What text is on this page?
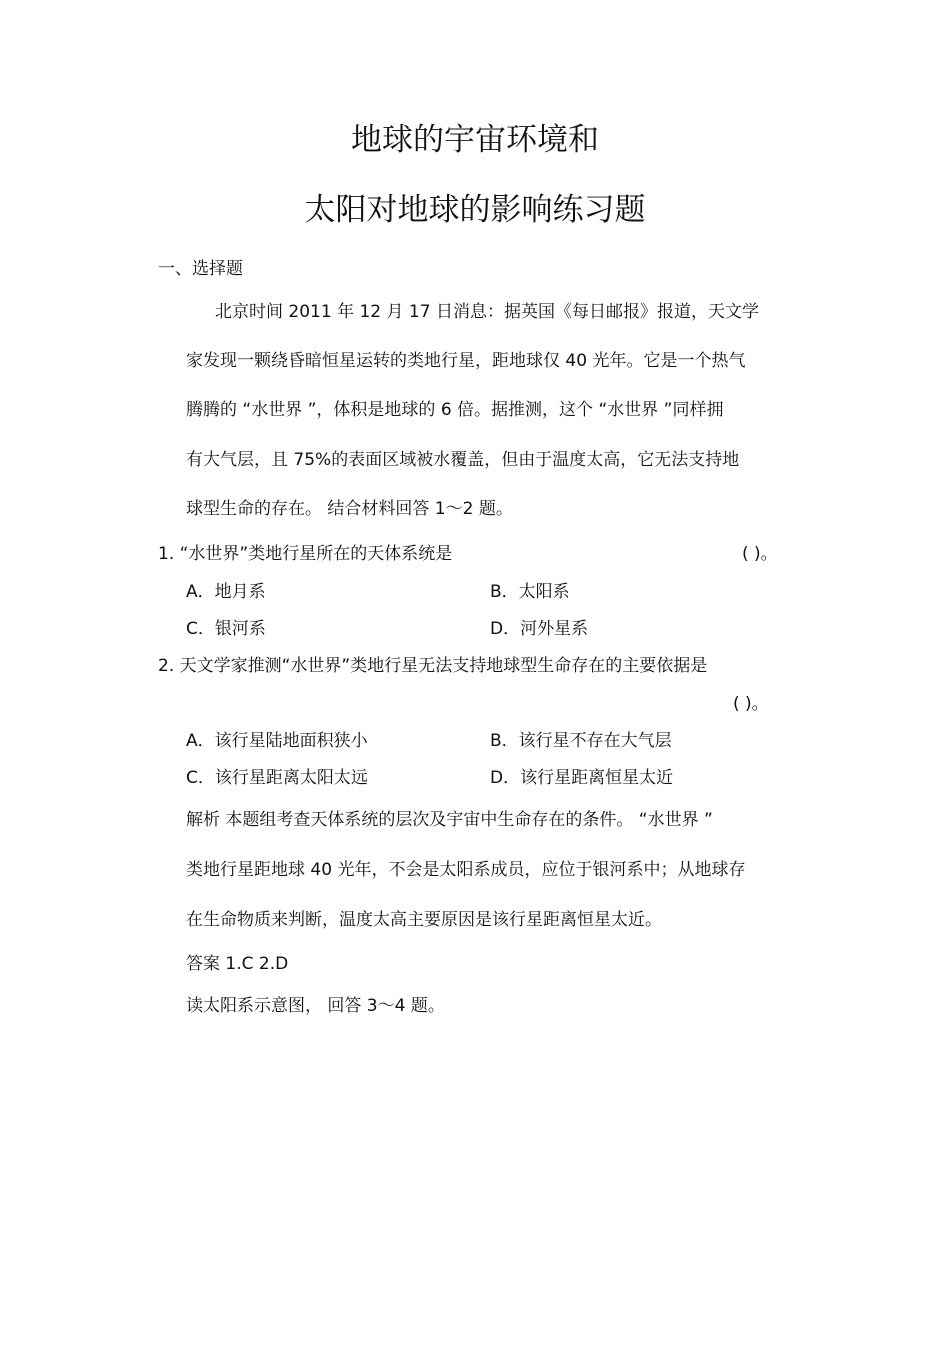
地球的宇宙环境和
太阳对地球的影响练习题
一、选择题
北京时间 2011 年 12 月 17 日消息：据英国《每日邮报》报道，天文学
家发现一颗绕昏暗恒星运转的类地行星，距地球仅 40 光年。它是一个热气
腾腾的 “水世界 ”，体积是地球的 6 倍。据推测，这个 “水世界 ”同样拥
有大气层，且 75%的表面区域被水覆盖，但由于温度太高，它无法支持地
球型生命的存在。 结合材料回答 1～2 题。
1. “水世界”类地行星所在的天体系统是	( )。
A．地月系	B．太阳系
C．银河系	D．河外星系
2. 天文学家推测“水世界”类地行星无法支持地球型生命存在的主要依据是
( )。
A．该行星陆地面积狭小	B．该行星不存在大气层
C．该行星距离太阳太远	D．该行星距离恒星太近
解析 本题组考查天体系统的层次及宇宙中生命存在的条件。 “水世界 ”
类地行星距地球 40 光年，不会是太阳系成员，应位于银河系中；从地球存
在生命物质来判断，温度太高主要原因是该行星距离恒星太近。
答案 1.C 2.D
读太阳系示意图， 回答 3～4 题。
